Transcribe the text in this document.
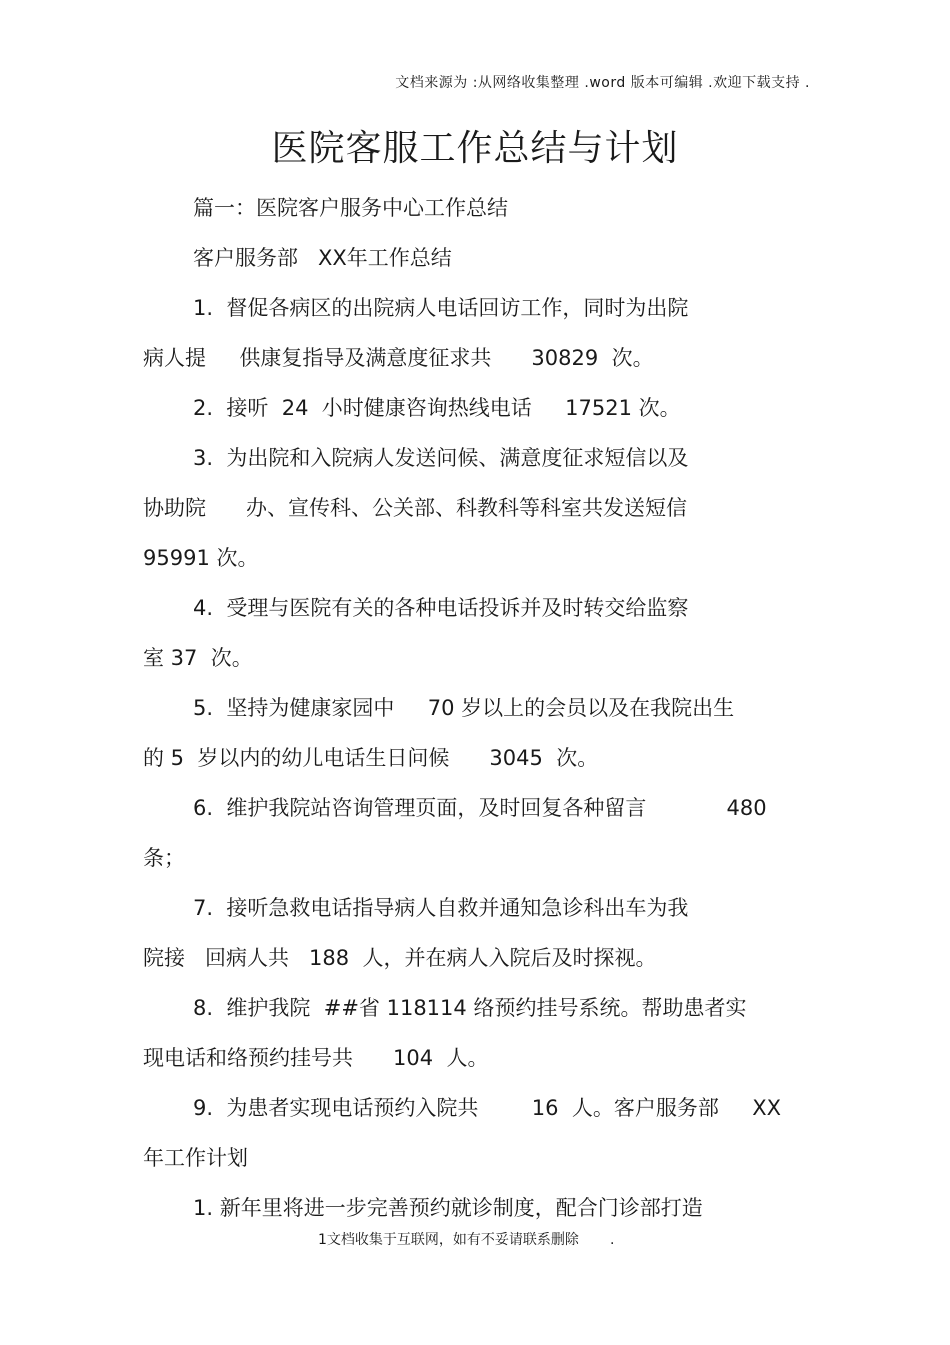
文档来源为 :从网络收集整理 .word 版本可编辑 .欢迎下载支持 .
医院客服工作总结与计划
篇一：医院客户服务中心工作总结
客户服务部   XX年工作总结
1.  督促各病区的出院病人电话回访工作，同时为出院
病人提     供康复指导及满意度征求共      30829  次。
2.  接听  24  小时健康咨询热线电话     17521 次。
3.  为出院和入院病人发送问候、满意度征求短信以及
协助院      办、宣传科、公关部、科教科等科室共发送短信
95991 次。
4.  受理与医院有关的各种电话投诉并及时转交给监察
室 37  次。
5.  坚持为健康家园中     70 岁以上的会员以及在我院出生
的 5  岁以内的幼儿电话生日问候      3045  次。
6.  维护我院站咨询管理页面，及时回复各种留言            480
条；
7.  接听急救电话指导病人自救并通知急诊科出车为我
院接   回病人共   188  人，并在病人入院后及时探视。
8.  维护我院  ##省 118114 络预约挂号系统。帮助患者实
现电话和络预约挂号共      104  人。
9.  为患者实现电话预约入院共        16  人。客户服务部     XX
年工作计划
1. 新年里将进一步完善预约就诊制度，配合门诊部打造
1文档收集于互联网，如有不妥请联系删除       .
